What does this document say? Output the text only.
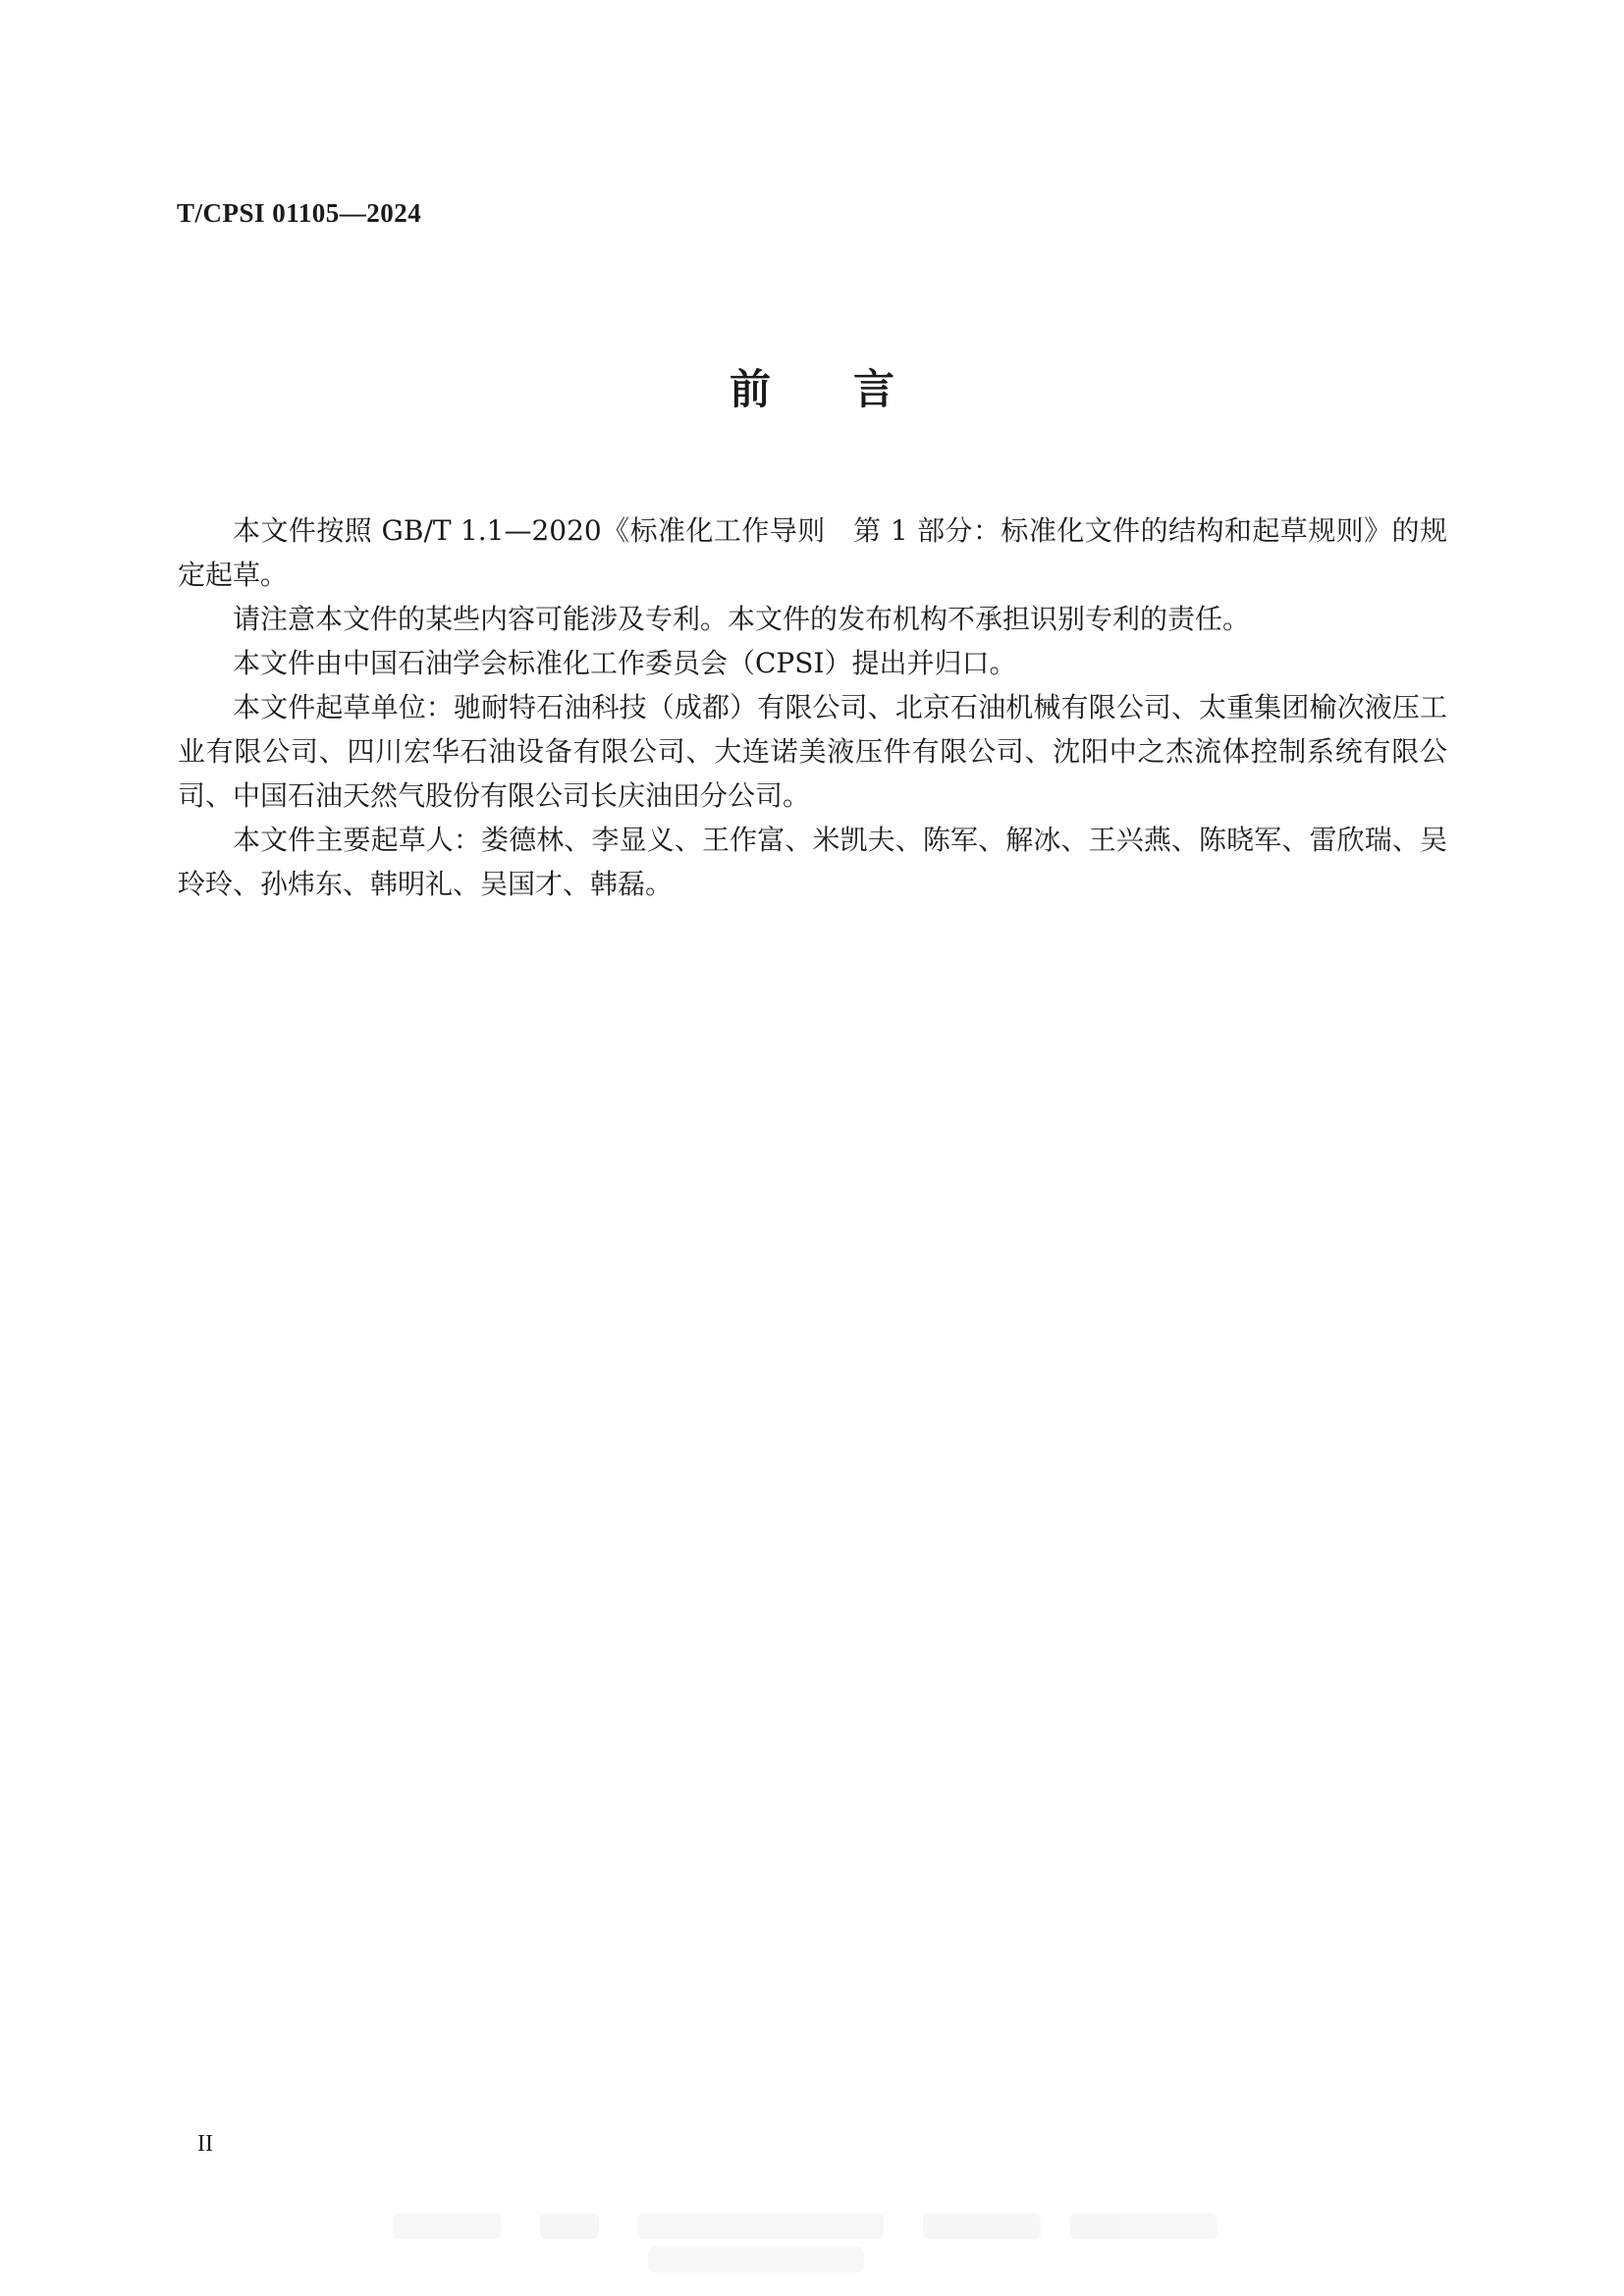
T/CPSI 01105—2024
前言

本文件按照 GB/T 1.1—2020《标准化工作导则　第 1 部分：标准化文件的结构和起草规则》的规定起草。

请注意本文件的某些内容可能涉及专利。本文件的发布机构不承担识别专利的责任。

本文件由中国石油学会标准化工作委员会（CPSI）提出并归口。

本文件起草单位：驰耐特石油科技（成都）有限公司、北京石油机械有限公司、太重集团榆次液压工业有限公司、四川宏华石油设备有限公司、大连诺美液压件有限公司、沈阳中之杰流体控制系统有限公司、中国石油天然气股份有限公司长庆油田分公司。

本文件主要起草人：娄德林、李显义、王作富、米凯夫、陈军、解冰、王兴燕、陈晓军、雷欣瑞、吴玲玲、孙炜东、韩明礼、吴国才、韩磊。

II
